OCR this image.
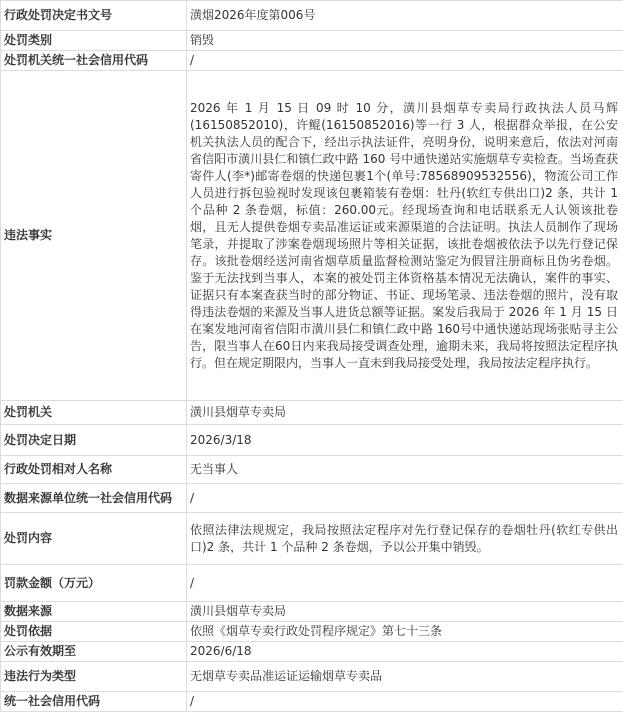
行政处罚决定书文号	潢烟2026年度第006号
处罚类别	销毁
处罚机关统一社会信用代码	/
违法事实	2026 年 1 月 15 日 09 时 10 分，潢川县烟草专卖局行政执法人员马辉(16150852010)，许鲲(16150852016)等一行 3 人，根据群众举报，在公安机关执法人员的配合下，经出示执法证件，亮明身份，说明来意后，依法对河南省信阳市潢川县仁和镇仁政中路 160 号中通快递站实施烟草专卖检查。当场查获寄件人(李*)邮寄卷烟的快递包裹1个(单号:78568909532556)，物流公司工作人员进行拆包验视时发现该包裹箱装有卷烟：牡丹(软红专供出口)2 条，共计 1 个品种 2 条卷烟，标值：260.00元。经现场查询和电话联系无人认领该批卷烟，且无人提供卷烟专卖品准运证或来源渠道的合法证明。执法人员制作了现场笔录，并提取了涉案卷烟现场照片等相关证据，该批卷烟被依法予以先行登记保存。该批卷烟经送河南省烟草质量监督检测站鉴定为假冒注册商标且伪劣卷烟。鉴于无法找到当事人，本案的被处罚主体资格基本情况无法确认，案件的事实、证据只有本案查获当时的部分物证、书证、现场笔录、违法卷烟的照片，没有取得违法卷烟的来源及当事人进货总额等证据。案发后我局于 2026 年 1 月 15 日在案发地河南省信阳市潢川县仁和镇仁政中路 160号中通快递站现场张贴寻主公告，限当事人在60日内来我局接受调查处理，逾期未来，我局将按照法定程序执行。但在规定期限内，当事人一直未到我局接受处理，我局按法定程序执行。
处罚机关	潢川县烟草专卖局
处罚决定日期	2026/3/18
行政处罚相对人名称	无当事人
数据来源单位统一社会信用代码	/
处罚内容	依照法律法规规定，我局按照法定程序对先行登记保存的卷烟牡丹(软红专供出口)2 条，共计 1 个品种 2 条卷烟，予以公开集中销毁。
罚款金额（万元）	/
数据来源	潢川县烟草专卖局
处罚依据	依照《烟草专卖行政处罚程序规定》第七十三条
公示有效期至	2026/6/18
违法行为类型	无烟草专卖品准运证运输烟草专卖品
统一社会信用代码	/
